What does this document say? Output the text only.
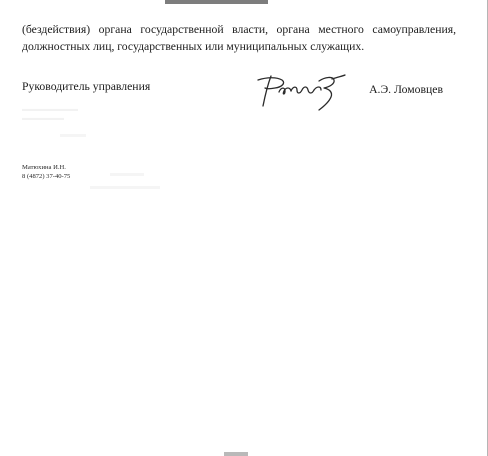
▬▬▬▬▬▬▬▬
▬▬▬▬▬▬

(бездействия) органа государственной власти, органа местного самоуправления, должностных лиц, государственных или муниципальных служащих.

Руководитель управления	А.Э. Ломовцев
Матюхина И.Н.
8 (4872) 37-40-75
